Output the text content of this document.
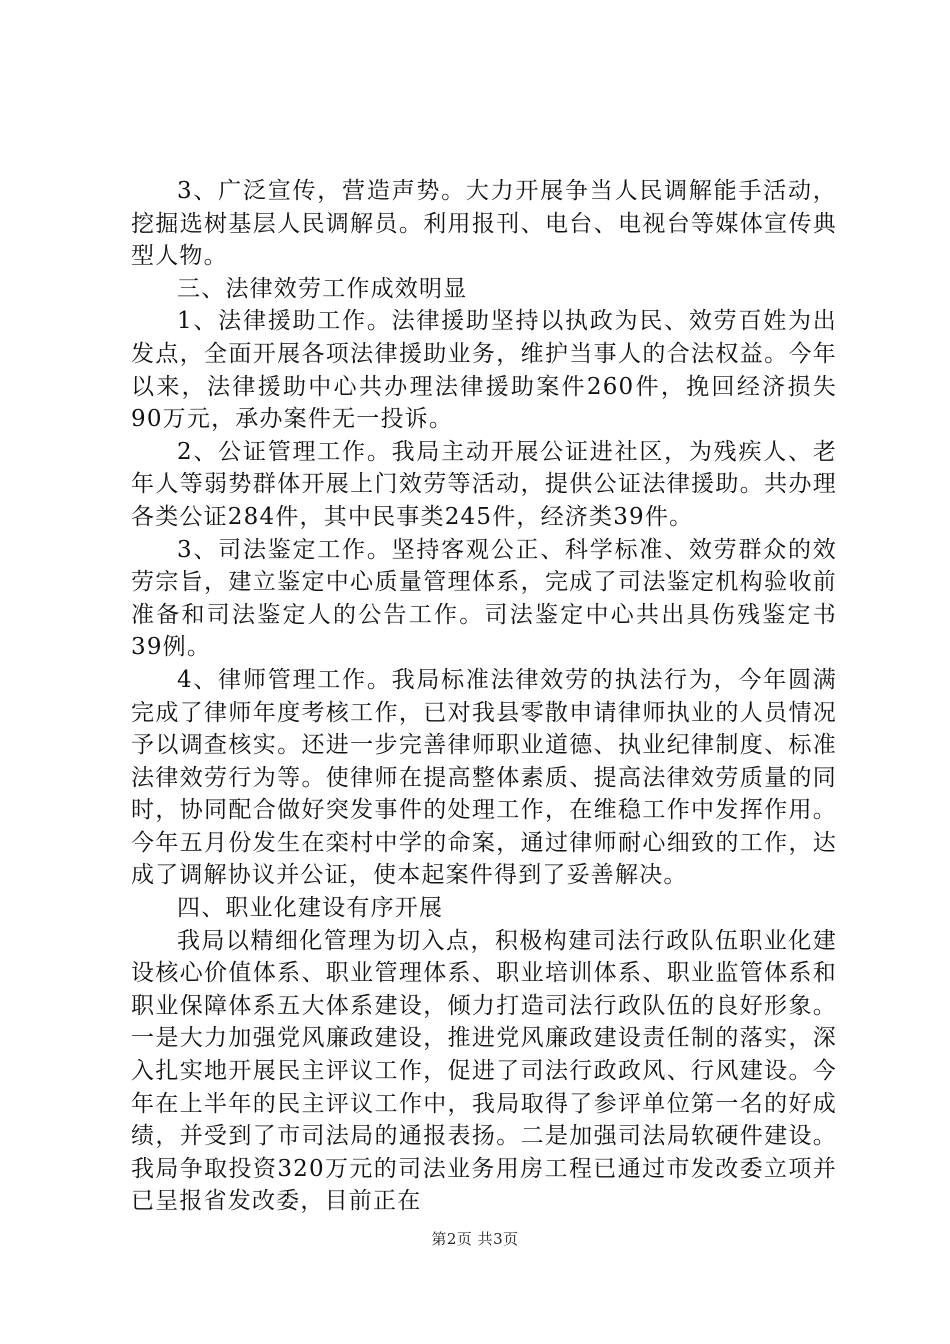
3、广泛宣传，营造声势。大力开展争当人民调解能手活动，挖掘选树基层人民调解员。利用报刊、电台、电视台等媒体宣传典型人物。

三、法律效劳工作成效明显

1、法律援助工作。法律援助坚持以执政为民、效劳百姓为出发点，全面开展各项法律援助业务，维护当事人的合法权益。今年以来，法律援助中心共办理法律援助案件260件，挽回经济损失90万元，承办案件无一投诉。

2、公证管理工作。我局主动开展公证进社区，为残疾人、老年人等弱势群体开展上门效劳等活动，提供公证法律援助。共办理各类公证284件，其中民事类245件，经济类39件。

3、司法鉴定工作。坚持客观公正、科学标准、效劳群众的效劳宗旨，建立鉴定中心质量管理体系，完成了司法鉴定机构验收前准备和司法鉴定人的公告工作。司法鉴定中心共出具伤残鉴定书39例。

4、律师管理工作。我局标准法律效劳的执法行为，今年圆满完成了律师年度考核工作，已对我县零散申请律师执业的人员情况予以调查核实。还进一步完善律师职业道德、执业纪律制度、标准法律效劳行为等。使律师在提高整体素质、提高法律效劳质量的同时，协同配合做好突发事件的处理工作，在维稳工作中发挥作用。今年五月份发生在栾村中学的命案，通过律师耐心细致的工作，达成了调解协议并公证，使本起案件得到了妥善解决。

四、职业化建设有序开展

我局以精细化管理为切入点，积极构建司法行政队伍职业化建设核心价值体系、职业管理体系、职业培训体系、职业监管体系和职业保障体系五大体系建设，倾力打造司法行政队伍的良好形象。一是大力加强党风廉政建设，推进党风廉政建设责任制的落实，深入扎实地开展民主评议工作，促进了司法行政政风、行风建设。今年在上半年的民主评议工作中，我局取得了参评单位第一名的好成绩，并受到了市司法局的通报表扬。二是加强司法局软硬件建设。我局争取投资320万元的司法业务用房工程已通过市发改委立项并已呈报省发改委，目前正在

第2页 共3页
